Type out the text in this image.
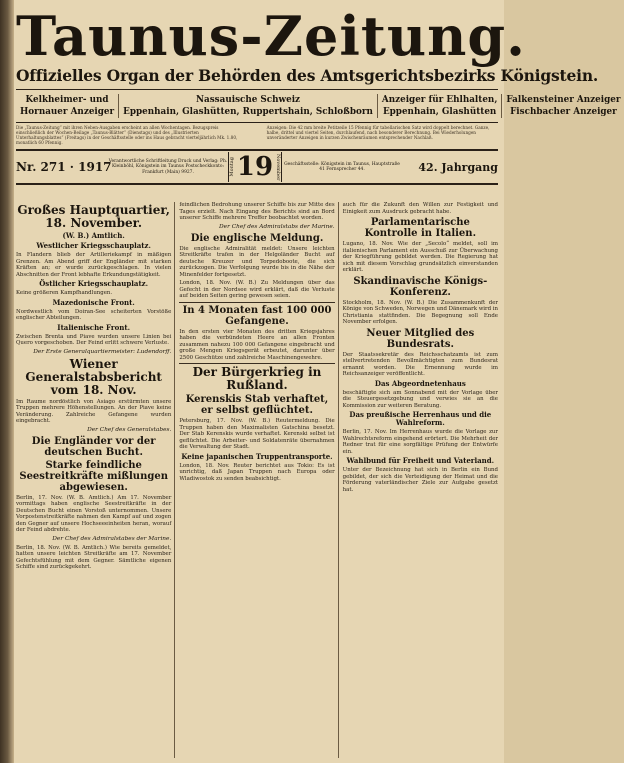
Taunus-Zeitung.
Offizielles Organ der Behörden des Amtsgerichtsbezirks Königstein.
Kelkheimer- und
Hornauer Anzeiger
Nassauische Schweiz
Eppenhain, Glashütten, Ruppertshain, Schloßborn
Anzeiger für Ehlhalten,
Eppenhain, Glashütten
Falkensteiner Anzeiger
Fischbacher Anzeiger
Die „Taunus-Zeitung“ mit ihren Neben-Ausgaben erscheint an allen Wochentagen. Bezugspreis einschließlich der Wochen-Beilage „Taunus-Blätter“ (Dienstags) und des „Illustrierten Unterhaltungsblattes“ (Freitags) in der Geschäftsstelle oder ins Haus gebracht vierteljährlich Mk. 1.80, monatlich 60 Pfennig.
Anzeigen: Die 42 mm breite Petitzeile 15 Pfennig für tabellarischen Satz wird doppelt berechnet. Ganze, halbe, drittel und viertel Seiten, durchlaufend, nach besonderer Berechnung. Bei Wiederholungen unveränderter Anzeigen in kurzen Zwischenräumen entsprechender Nachlaß.
Nr. 271 · 1917
Verantwortliche Schriftleitung Druck und Verlag: Ph. Kleinböhl, Königstein im Taunus Postscheckkonto: Frankfurt (Main) 9927.	Montag 19 November Geschäftsstelle: Königstein im Taunus, Hauptstraße 41 Fernsprecher 44.	42. Jahrgang
Großes Hauptquartier, 18. November.
(W. B.) Amtlich.
Westlicher Kriegsschauplatz.
In Flandern blieb der Artilleriekampf in mäßigen Grenzen. Am Abend griff der Engländer mit starken Kräften an; er wurde zurückgeschlagen. In vielen Abschnitten der Front lebhafte Erkundungstätigkeit.
Östlicher Kriegsschauplatz.
Keine größeren Kampfhandlungen.
Mazedonische Front.
Nordwestlich vom Doiran-See scheiterten Vorstöße englischer Abteilungen.
Italienische Front.
Zwischen Brenta und Piave wurden unsere Linien bei Quero vorgeschoben. Der Feind erlitt schwere Verluste.
Der Erste Generalquartiermeister: Ludendorff.
Wiener Generalstabsbericht vom 18. Nov.
Im Raume nordöstlich von Asiago erstürmten unsere Truppen mehrere Höhenstellungen. An der Piave keine Veränderung. Zahlreiche Gefangene wurden eingebracht.
Der Chef des Generalstabes.
Die Engländer vor der deutschen Bucht.
Starke feindliche Seestreitkräfte mißlungen abgewiesen.
Berlin, 17. Nov. (W. B. Amtlich.) Am 17. November vormittags haben englische Seestreitkräfte in der Deutschen Bucht einen Vorstoß unternommen. Unsere Vorpostenstreitkräfte nahmen den Kampf auf und zogen den Gegner auf unsere Hochseeeinheiten heran, worauf der Feind abdrehte.
Der Chef des Admiralstabes der Marine.
Berlin, 18. Nov. (W. B. Amtlich.) Wie bereits gemeldet, hatten unsere leichten Streitkräfte am 17. November Gefechtsfühlung mit dem Gegner. Sämtliche eigenen Schiffe sind zurückgekehrt.
feindlichen Bedrohung unserer Schiffe bis zur Mitte des Tages erzielt. Nach Eingang des Berichts sind an Bord unserer Schiffe mehrere Treffer beobachtet worden.
Der Chef des Admiralstabs der Marine.
Die englische Meldung.
Die englische Admiralität meldet: Unsere leichten Streitkräfte trafen in der Helgoländer Bucht auf deutsche Kreuzer und Torpedoboote, die sich zurückzogen. Die Verfolgung wurde bis in die Nähe der Minenfelder fortgesetzt.
London, 18. Nov. (W. B.) Zu Meldungen über das Gefecht in der Nordsee wird erklärt, daß die Verluste auf beiden Seiten gering gewesen seien.
In 4 Monaten fast 100 000 Gefangene.
In den ersten vier Monaten des dritten Kriegsjahres haben die verbündeten Heere an allen Fronten zusammen nahezu 100 000 Gefangene eingebracht und große Mengen Kriegsgerät erbeutet, darunter über 2500 Geschütze und zahlreiche Maschinengewehre.
Der Bürgerkrieg in Rußland.
Kerenskis Stab verhaftet, er selbst geflüchtet.
Petersburg, 17. Nov. (W. B.) Reutermeldung. Die Truppen haben den Maximalisten Gatschina besetzt. Der Stab Kerenskis wurde verhaftet. Kerenski selbst ist geflüchtet. Die Arbeiter- und Soldatenräte übernahmen die Verwaltung der Stadt.
Keine japanischen Truppentransporte.
London, 18. Nov. Reuter berichtet aus Tokio: Es ist unrichtig, daß Japan Truppen nach Europa oder Wladiwostok zu senden beabsichtigt.
auch für die Zukunft den Willen zur Festigkeit und Einigkeit zum Ausdruck gebracht habe.
Parlamentarische Kontrolle in Italien.
Lugano, 18. Nov. Wie der „Secolo“ meldet, soll im italienischen Parlament ein Ausschuß zur Überwachung der Kriegführung gebildet werden. Die Regierung hat sich mit diesem Vorschlag grundsätzlich einverstanden erklärt.
Skandinavische Königs-Konferenz.
Stockholm, 18. Nov. (W. B.) Die Zusammenkunft der Könige von Schweden, Norwegen und Dänemark wird in Christiania stattfinden. Die Begegnung soll Ende November erfolgen.
Neuer Mitglied des Bundesrats.
Der Staatssekretär des Reichsschatzamts ist zum stellvertretenden Bevollmächtigten zum Bundesrat ernannt worden. Die Ernennung wurde im Reichsanzeiger veröffentlicht.
Das Abgeordnetenhaus
beschäftigte sich am Sonnabend mit der Vorlage über die Steuergesetzgebung und verwies sie an die Kommission zur weiteren Beratung.
Das preußische Herrenhaus und die Wahlreform.
Berlin, 17. Nov. Im Herrenhaus wurde die Vorlage zur Wahlrechtsreform eingehend erörtert. Die Mehrheit der Redner trat für eine sorgfältige Prüfung der Entwürfe ein.
Wahlbund für Freiheit und Vaterland.
Unter der Bezeichnung hat sich in Berlin ein Bund gebildet, der sich die Verteidigung der Heimat und die Förderung vaterländischer Ziele zur Aufgabe gesetzt hat.
